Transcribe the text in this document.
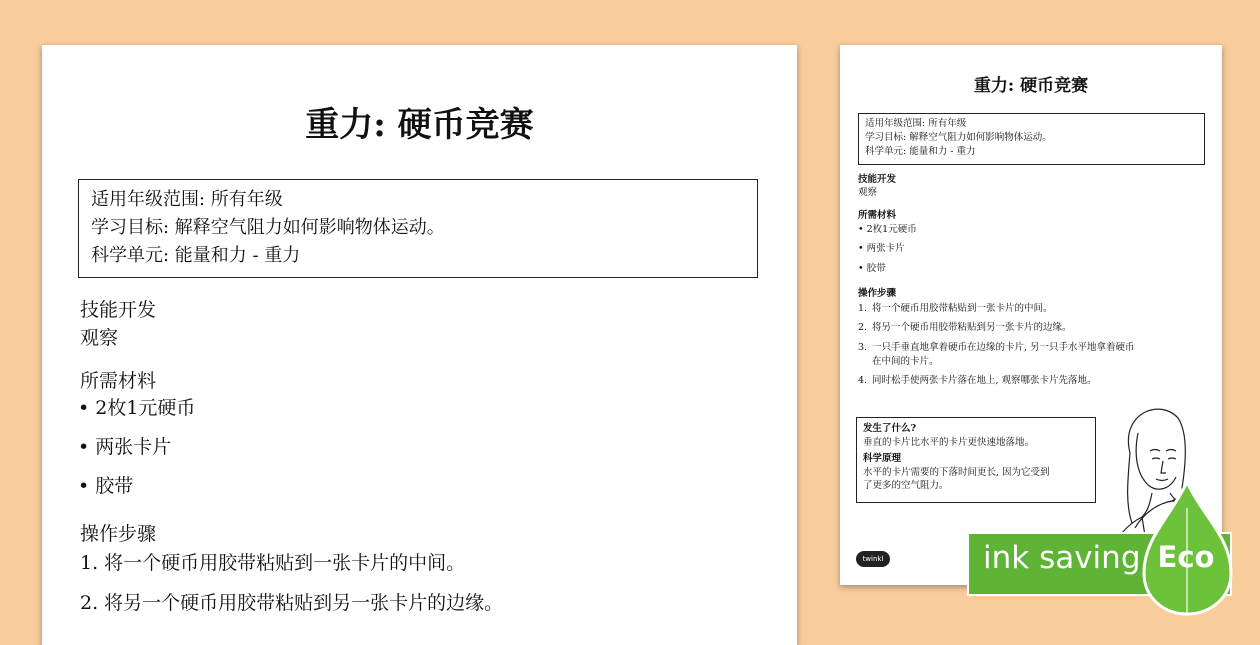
重力: 硬币竞赛
适用年级范围: 所有年级
学习目标: 解释空气阻力如何影响物体运动。
科学单元: 能量和力 - 重力
技能开发
观察
所需材料
• 2枚1元硬币
• 两张卡片
• 胶带
操作步骤
1. 将一个硬币用胶带粘贴到一张卡片的中间。
2. 将另一个硬币用胶带粘贴到另一张卡片的边缘。
重力: 硬币竞赛
适用年级范围: 所有年级
学习目标: 解释空气阻力如何影响物体运动。
科学单元: 能量和力 - 重力
技能开发
观察
所需材料
• 2枚1元硬币
• 两张卡片
• 胶带
操作步骤
1. 将一个硬币用胶带粘贴到一张卡片的中间。
2. 将另一个硬币用胶带粘贴到另一张卡片的边缘。
3. 一只手垂直地拿着硬币在边缘的卡片, 另一只手水平地拿着硬币
在中间的卡片。
4. 同时松手使两张卡片落在地上, 观察哪张卡片先落地。
发生了什么?
垂直的卡片比水平的卡片更快速地落地。
科学原理
水平的卡片需要的下落时间更长, 因为它受到
了更多的空气阻力。
twinkl	ink saving Eco
